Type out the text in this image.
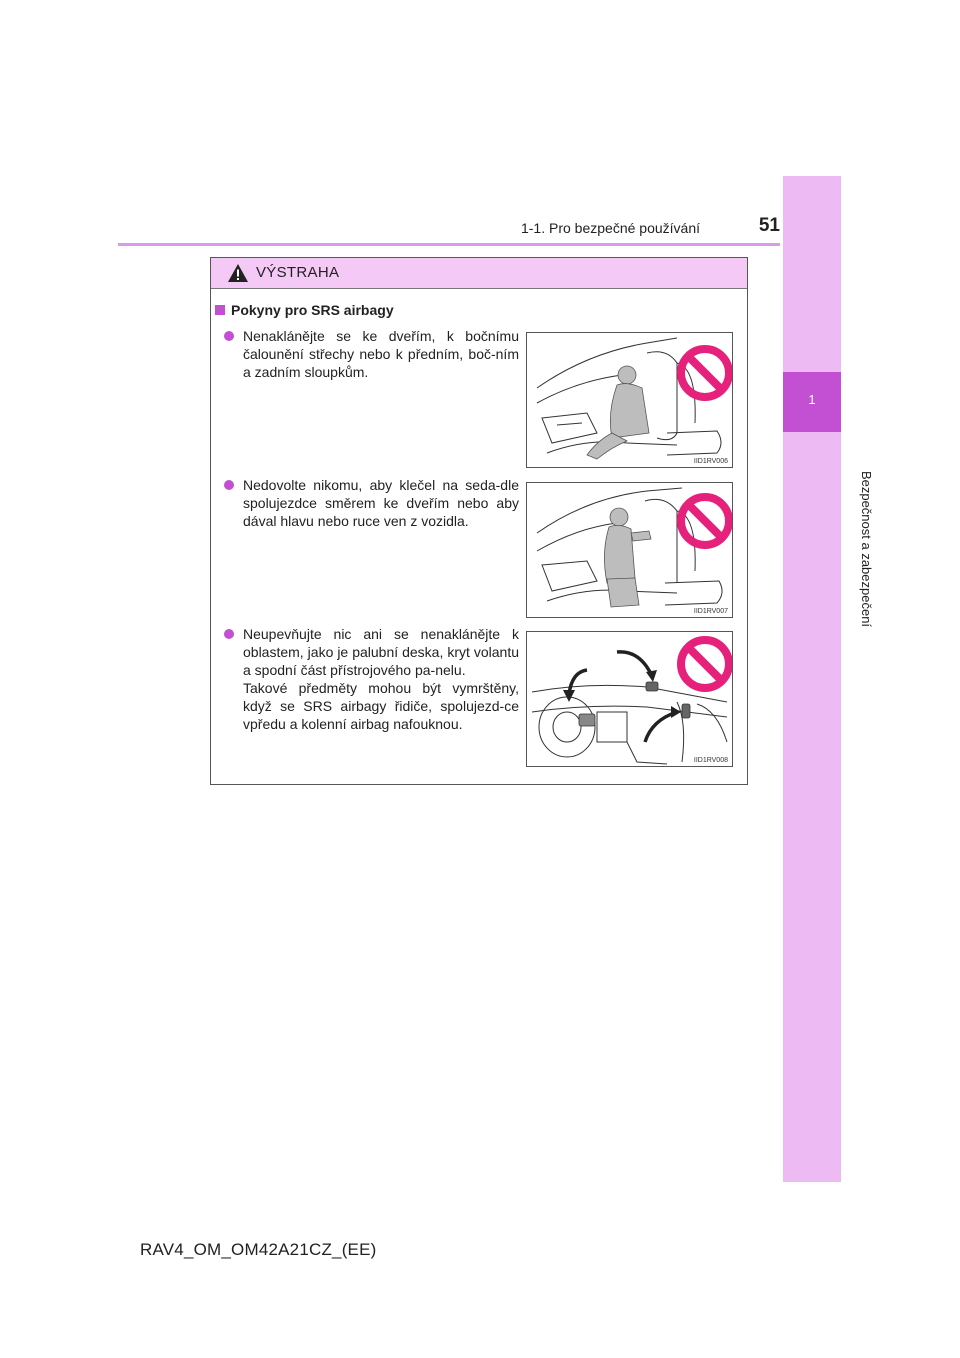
1-1. Pro bezpečné používání	51
1
Bezpečnost a zabezpečení
VÝSTRAHA
Pokyny pro SRS airbagy
Nenaklánějte se ke dveřím, k bočnímu čalounění střechy nebo k předním, boč-ním a zadním sloupkům.
IID1RV006
Nedovolte nikomu, aby klečel na seda-dle spolujezdce směrem ke dveřím nebo aby dával hlavu nebo ruce ven z vozidla.
IID1RV007

Neupevňujte nic ani se nenaklánějte k oblastem, jako je palubní deska, kryt volantu a spodní část přístrojového pa-nelu.

Takové předměty mohou být vymrštěny, když se SRS airbagy řidiče, spolujezd-ce vpředu a kolenní airbag nafouknou.

IID1RV008
RAV4_OM_OM42A21CZ_(EE)
